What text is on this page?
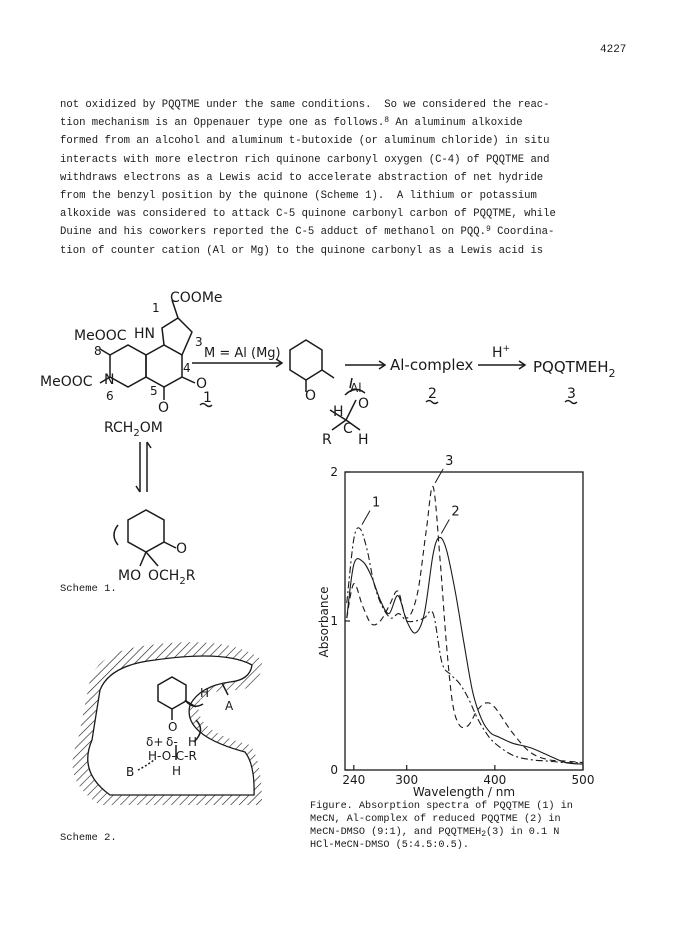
4227
not oxidized by PQQTME under the same conditions.  So we considered the reac-
tion mechanism is an Oppenauer type one as follows.$^8$ An aluminum alkoxide
formed from an alcohol and aluminum t-butoxide (or aluminum chloride) in situ
interacts with more electron rich quinone carbonyl oxygen (C-4) of PQQTME and
withdraws electrons as a Lewis acid to accelerate abstraction of net hydride
from the benzyl position by the quinone (Scheme 1).  A lithium or potassium
alkoxide was considered to attack C-5 quinone carbonyl carbon of PQQTME, while
Duine and his coworkers reported the C-5 adduct of methanol on PQQ.$^9$ Coordina-
tion of counter cation (Al or Mg) to the quinone carbonyl as a Lewis acid is
1
COOMe
MeOOC HN	3
8
4
O
MeOOC N
6	5
O
1
$RCH_2OM$
M = Al (Mg)
O	Al
H O
C
R H
Al-complex
2
H+
$PQQTMEH_2$
3
O
MO $OCH_2R$
Scheme 1.
A
H
O
δ+ δ- H
H-O-C-R
H
B
Scheme 2.
240 300	400	500
0
1
2
Wavelength / nm
Absorbance
1
2
3
Figure. Absorption spectra of PQQTME (1) in
MeCN, Al-complex of reduced PQQTME (2) in
MeCN-DMSO (9:1), and $PQQTMEH_2(3)$ in 0.1 N
HCl-MeCN-DMSO (5:4.5:0.5).
